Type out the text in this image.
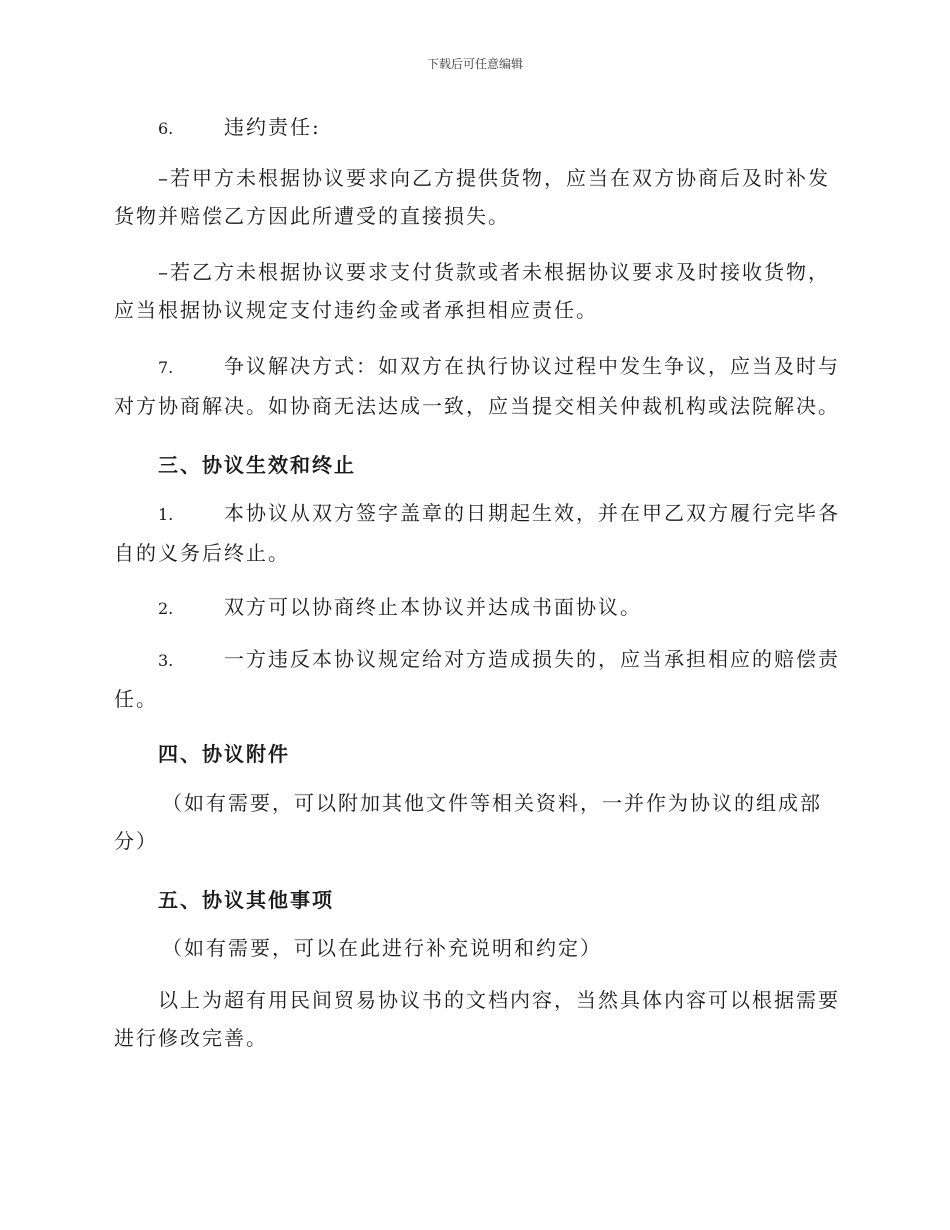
下载后可任意编辑
6.	违约责任:
–若甲方未根据协议要求向乙方提供货物，应当在双方协商后及时补发
货物并赔偿乙方因此所遭受的直接损失。
–若乙方未根据协议要求支付货款或者未根据协议要求及时接收货物，
应当根据协议规定支付违约金或者承担相应责任。
7.	争议解决方式：如双方在执行协议过程中发生争议，应当及时与
对方协商解决。如协商无法达成一致，应当提交相关仲裁机构或法院解决。
三、协议生效和终止
1.	本协议从双方签字盖章的日期起生效，并在甲乙双方履行完毕各
自的义务后终止。
2.	双方可以协商终止本协议并达成书面协议。
3.	一方违反本协议规定给对方造成损失的，应当承担相应的赔偿责
任。
四、协议附件
（如有需要，可以附加其他文件等相关资料，一并作为协议的组成部
分）
五、协议其他事项
（如有需要，可以在此进行补充说明和约定）
以上为超有用民间贸易协议书的文档内容，当然具体内容可以根据需要
进行修改完善。
